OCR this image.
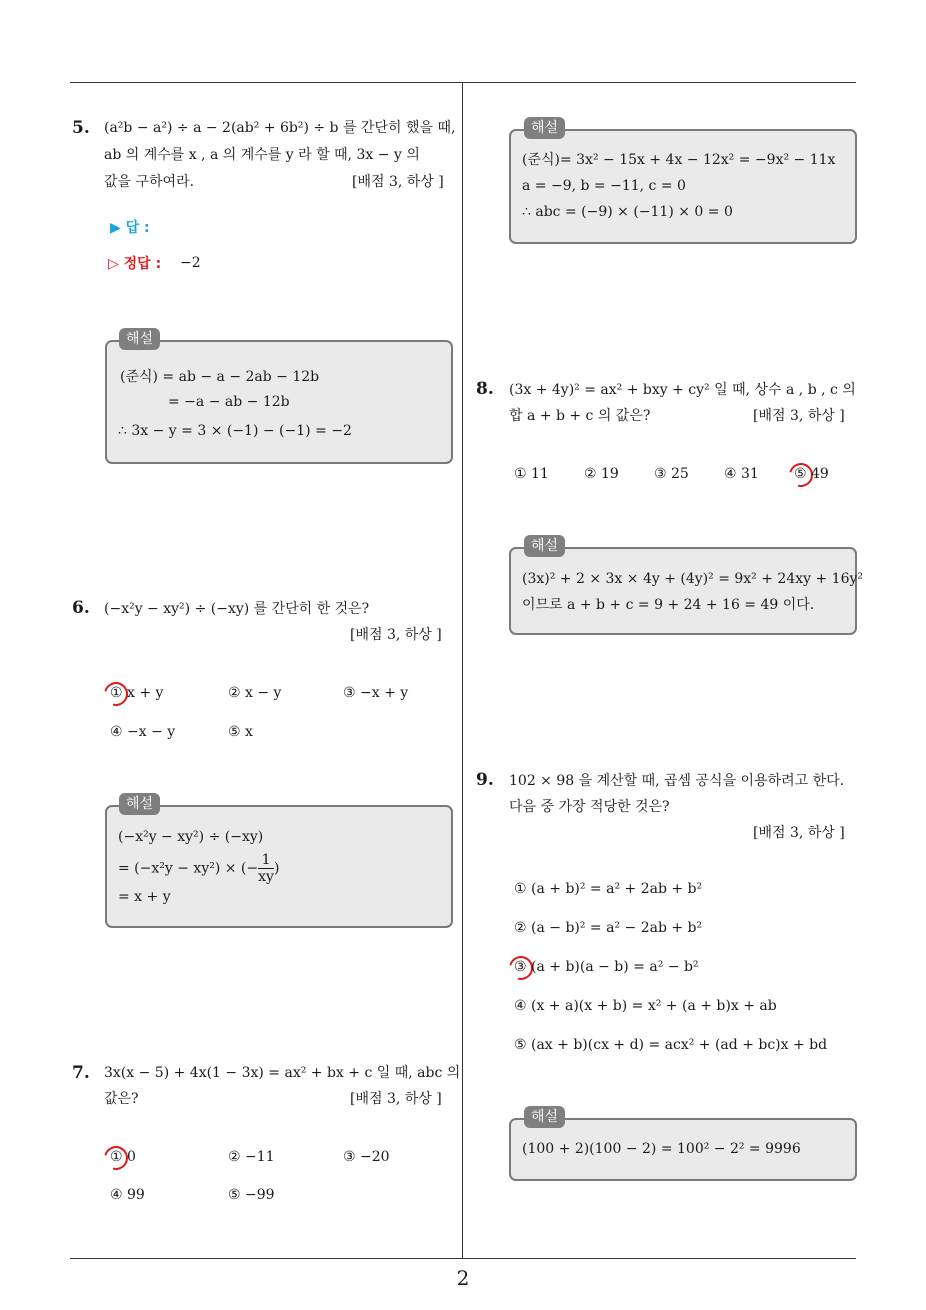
5. (a²b − a²) ÷ a − 2(ab² + 6b²) ÷ b 를 간단히 했을 때,
ab 의 계수를 x , a 의 계수를 y 라 할 때, 3x − y 의
값을 구하여라.	[배점 3, 하상 ]
▶ 답 :
▷ 정답 : −2
해설
(준식) = ab − a − 2ab − 12b
= −a − ab − 12b
∴ 3x − y = 3 × (−1) − (−1) = −2
6. (−x²y − xy²) ÷ (−xy) 를 간단히 한 것은?
[배점 3, 하상 ]
① x + y	② x − y	③ −x + y
④ −x − y	⑤ x
해설
(−x²y − xy²) ÷ (−xy)
= (−x²y − xy²) × (− $\frac{1}{xy}$ )
= x + y
7. 3x(x − 5) + 4x(1 − 3x) = ax² + bx + c 일 때, abc 의
값은?	[배점 3, 하상 ]
① 0	② −11	③ −20
④ 99	⑤ −99
해설
(준식)= 3x² − 15x + 4x − 12x² = −9x² − 11x
a = −9, b = −11, c = 0
∴ abc = (−9) × (−11) × 0 = 0
8. (3x + 4y)² = ax² + bxy + cy² 일 때, 상수 a , b , c 의
합 a + b + c 의 값은?	[배점 3, 하상 ]
① 11	② 19	③ 25	④ 31	⑤ 49
해설
(3x)² + 2 × 3x × 4y + (4y)² = 9x² + 24xy + 16y²
이므로 a + b + c = 9 + 24 + 16 = 49 이다.
9. 102 × 98 을 계산할 때, 곱셈 공식을 이용하려고 한다.
다음 중 가장 적당한 것은?
[배점 3, 하상 ]
① (a + b)² = a² + 2ab + b²
② (a − b)² = a² − 2ab + b²
③ (a + b)(a − b) = a² − b²
④ (x + a)(x + b) = x² + (a + b)x + ab
⑤ (ax + b)(cx + d) = acx² + (ad + bc)x + bd
해설
(100 + 2)(100 − 2) = 100² − 2² = 9996
2
